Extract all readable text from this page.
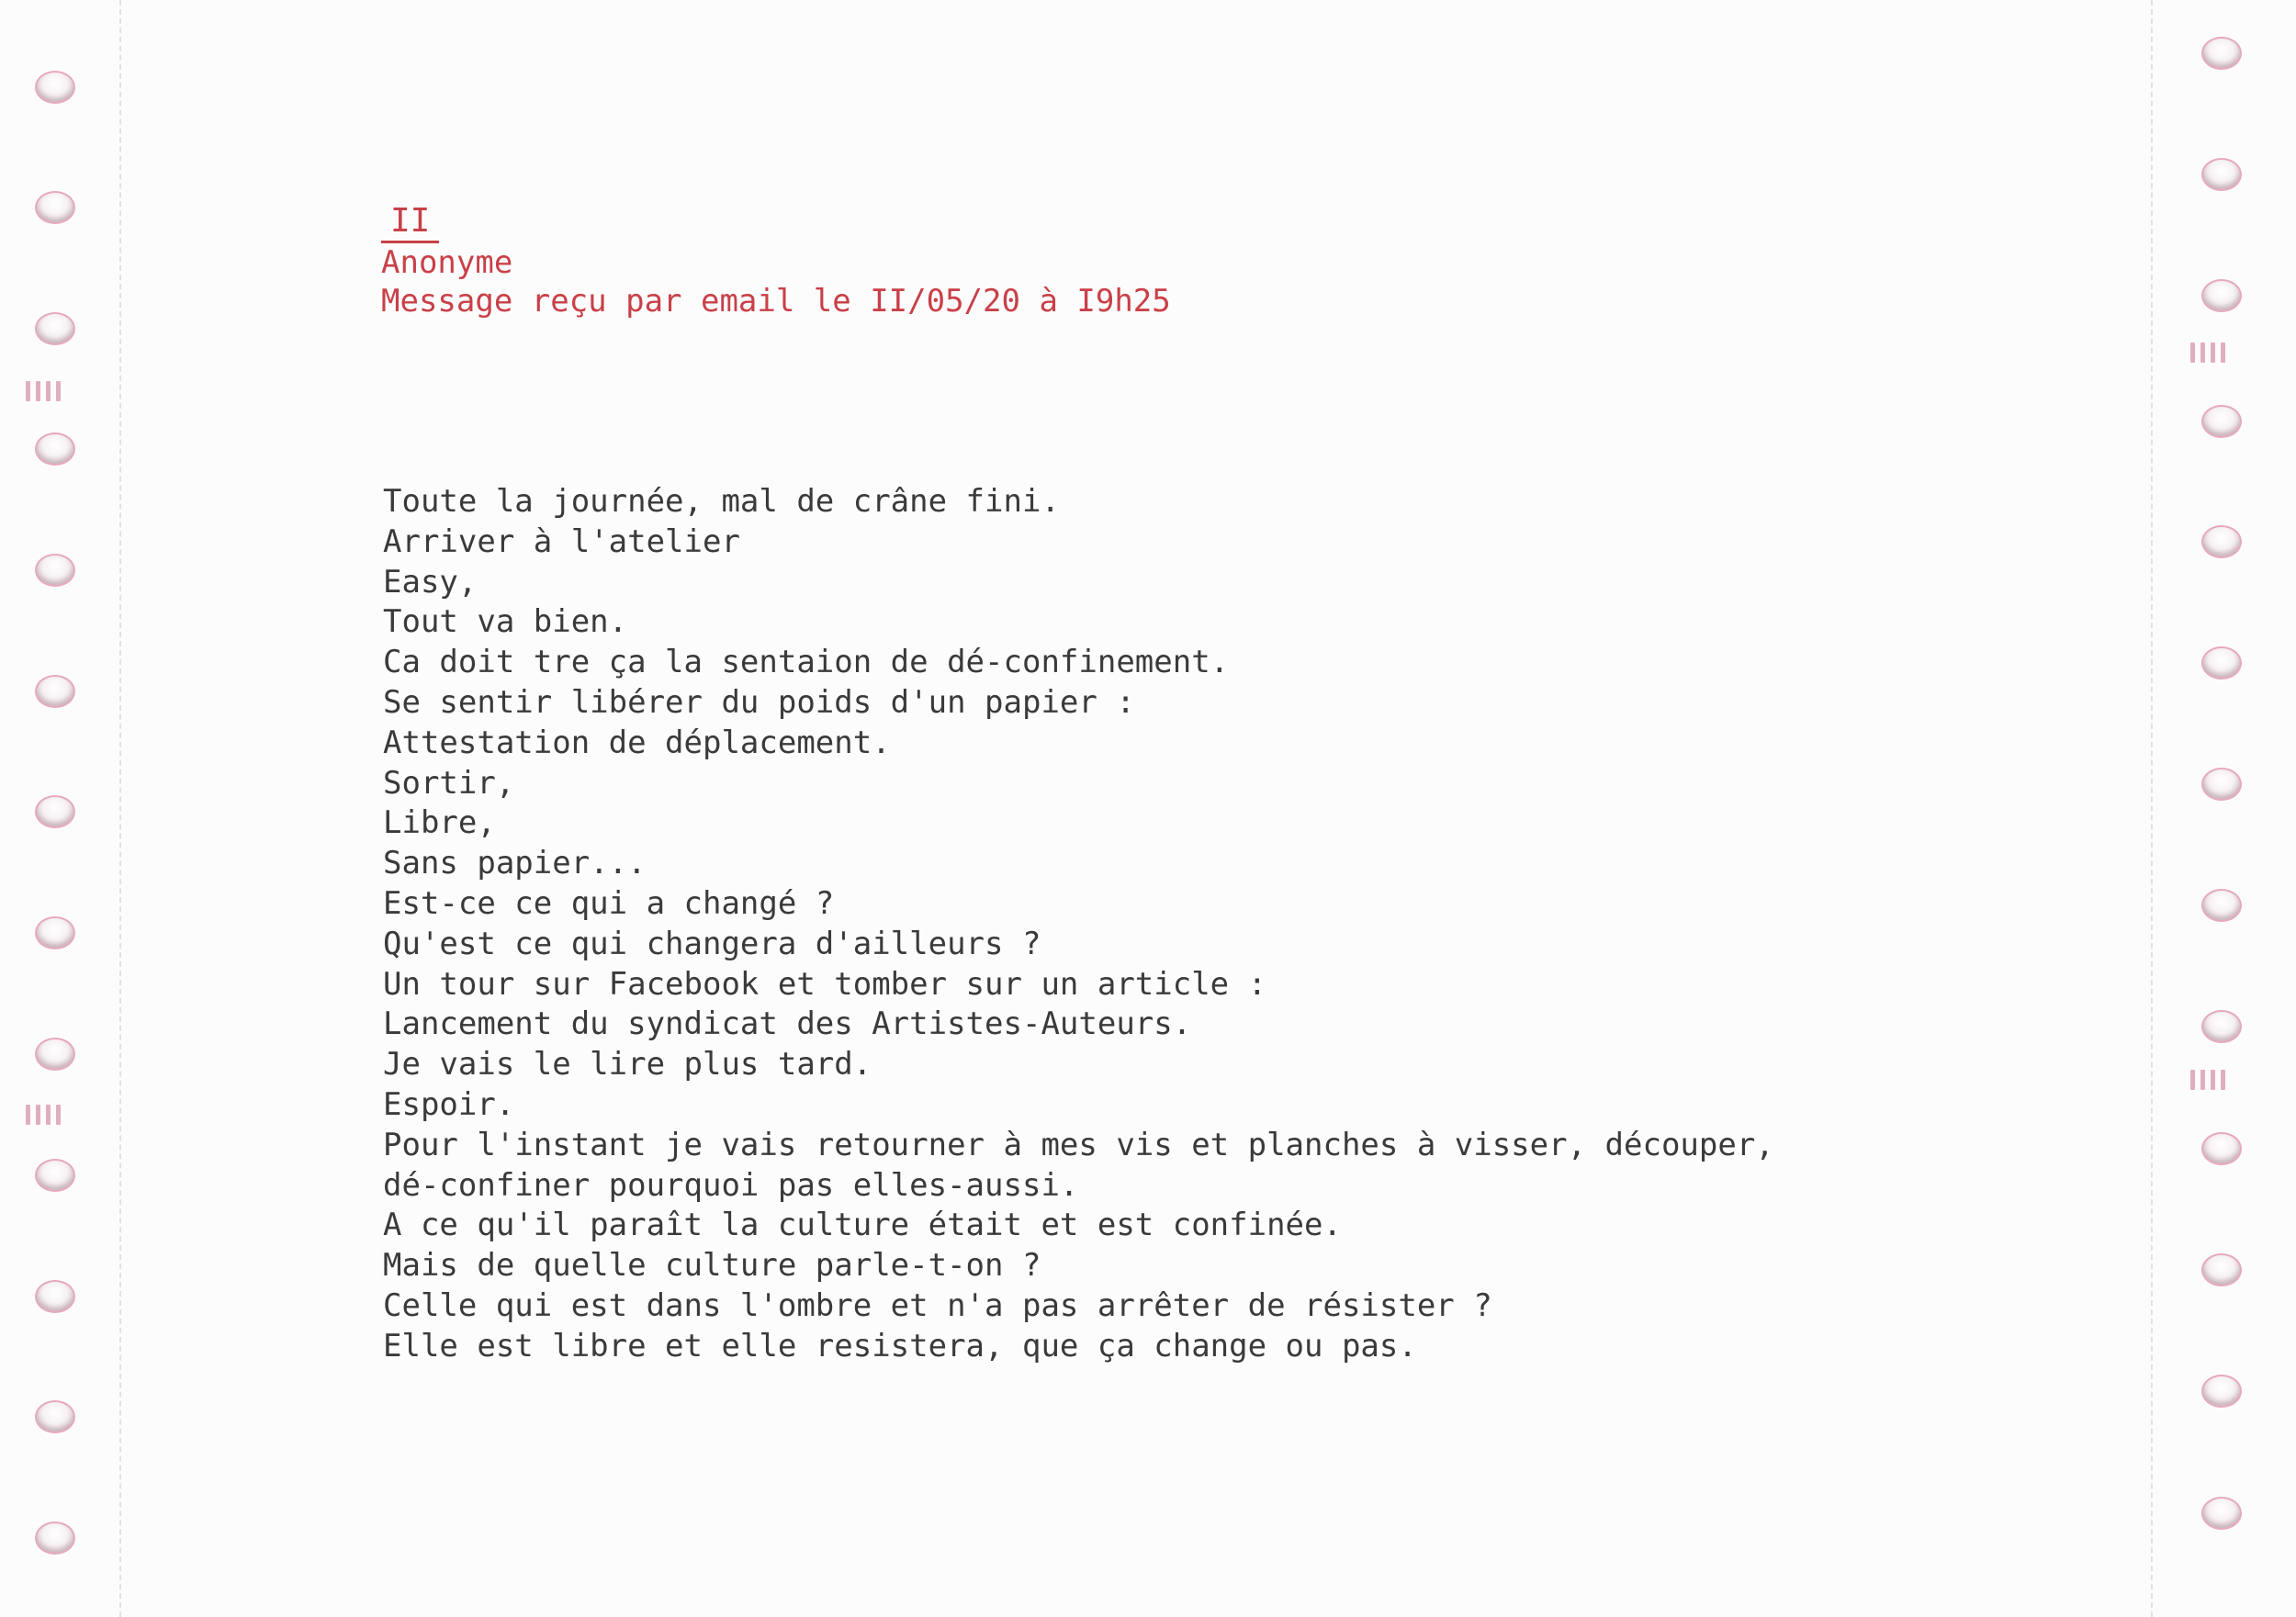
II
Anonyme
Message reçu par email le II/05/20 à I9h25
Toute la journée, mal de crâne fini.
Arriver à l'atelier
Easy,
Tout va bien.
Ca doit tre ça la sentaion de dé-confinement.
Se sentir libérer du poids d'un papier :
Attestation de déplacement.
Sortir,
Libre,
Sans papier...
Est-ce ce qui a changé ?
Qu'est ce qui changera d'ailleurs ?
Un tour sur Facebook et tomber sur un article :
Lancement du syndicat des Artistes-Auteurs.
Je vais le lire plus tard.
Espoir.
Pour l'instant je vais retourner à mes vis et planches à visser, découper,
dé-confiner pourquoi pas elles-aussi.
A ce qu'il paraît la culture était et est confinée.
Mais de quelle culture parle-t-on ?
Celle qui est dans l'ombre et n'a pas arrêter de résister ?
Elle est libre et elle resistera, que ça change ou pas.
